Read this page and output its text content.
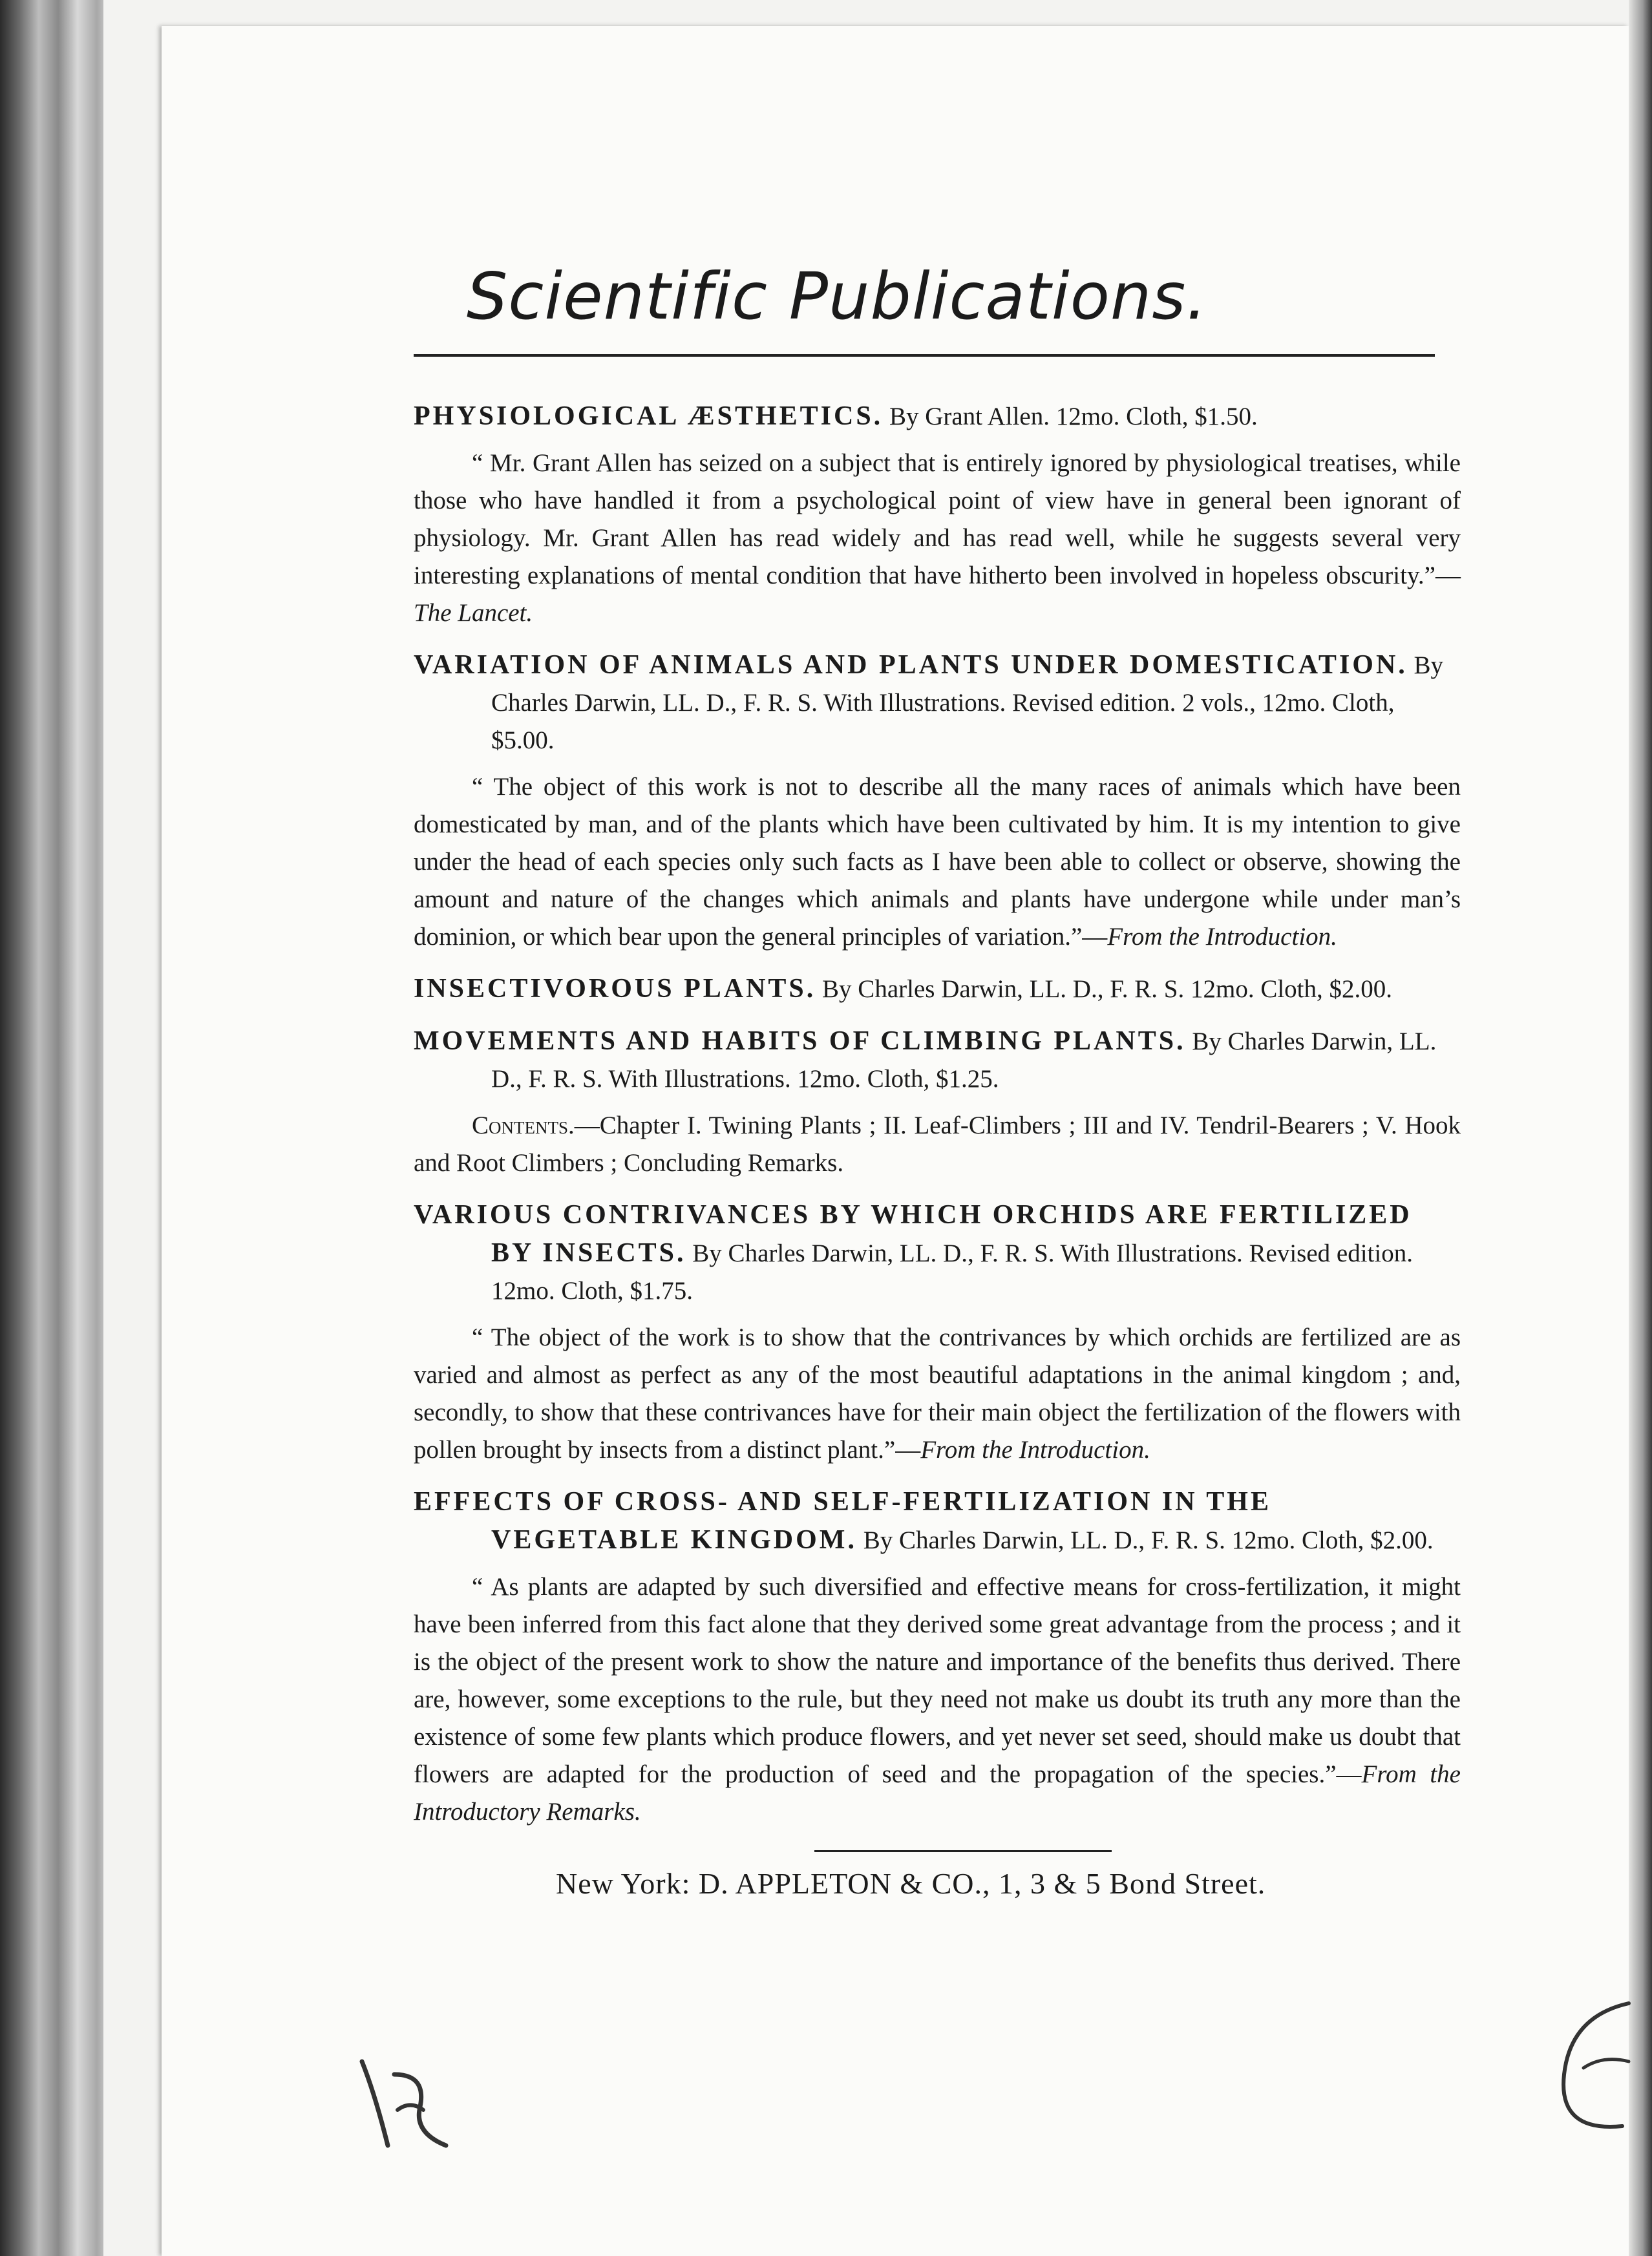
Scientific Publications.
PHYSIOLOGICAL ÆSTHETICS. By Grant Allen. 12mo. Cloth, $1.50.
“ Mr. Grant Allen has seized on a subject that is entirely ignored by physiological treatises, while those who have handled it from a psychological point of view have in general been ignorant of physiology. Mr. Grant Allen has read widely and has read well, while he suggests several very interesting explanations of mental condition that have hitherto been involved in hopeless obscurity.”—The Lancet.
VARIATION OF ANIMALS AND PLANTS UNDER DOMESTICATION. By Charles Darwin, LL. D., F. R. S. With Illustrations. Revised edition. 2 vols., 12mo. Cloth, $5.00.
“ The object of this work is not to describe all the many races of animals which have been domesticated by man, and of the plants which have been cultivated by him. It is my intention to give under the head of each species only such facts as I have been able to collect or observe, showing the amount and nature of the changes which animals and plants have undergone while under man’s dominion, or which bear upon the general principles of variation.”—From the Introduction.
INSECTIVOROUS PLANTS. By Charles Darwin, LL. D., F. R. S. 12mo. Cloth, $2.00.
MOVEMENTS AND HABITS OF CLIMBING PLANTS. By Charles Darwin, LL. D., F. R. S. With Illustrations. 12mo. Cloth, $1.25.
Contents.—Chapter I. Twining Plants ; II. Leaf-Climbers ; III and IV. Tendril-Bearers ; V. Hook and Root Climbers ; Concluding Remarks.
VARIOUS CONTRIVANCES BY WHICH ORCHIDS ARE FERTILIZED BY INSECTS. By Charles Darwin, LL. D., F. R. S. With Illustrations. Revised edition. 12mo. Cloth, $1.75.
“ The object of the work is to show that the contrivances by which orchids are fertilized are as varied and almost as perfect as any of the most beautiful adaptations in the animal kingdom ; and, secondly, to show that these contrivances have for their main object the fertilization of the flowers with pollen brought by insects from a distinct plant.”—From the Introduction.
EFFECTS OF CROSS- AND SELF-FERTILIZATION IN THE VEGETABLE KINGDOM. By Charles Darwin, LL. D., F. R. S. 12mo. Cloth, $2.00.
“ As plants are adapted by such diversified and effective means for cross-fertilization, it might have been inferred from this fact alone that they derived some great advantage from the process ; and it is the object of the present work to show the nature and importance of the benefits thus derived. There are, however, some exceptions to the rule, but they need not make us doubt its truth any more than the existence of some few plants which produce flowers, and yet never set seed, should make us doubt that flowers are adapted for the production of seed and the propagation of the species.”—From the Introductory Remarks.
New York: D. APPLETON & CO., 1, 3 & 5 Bond Street.
